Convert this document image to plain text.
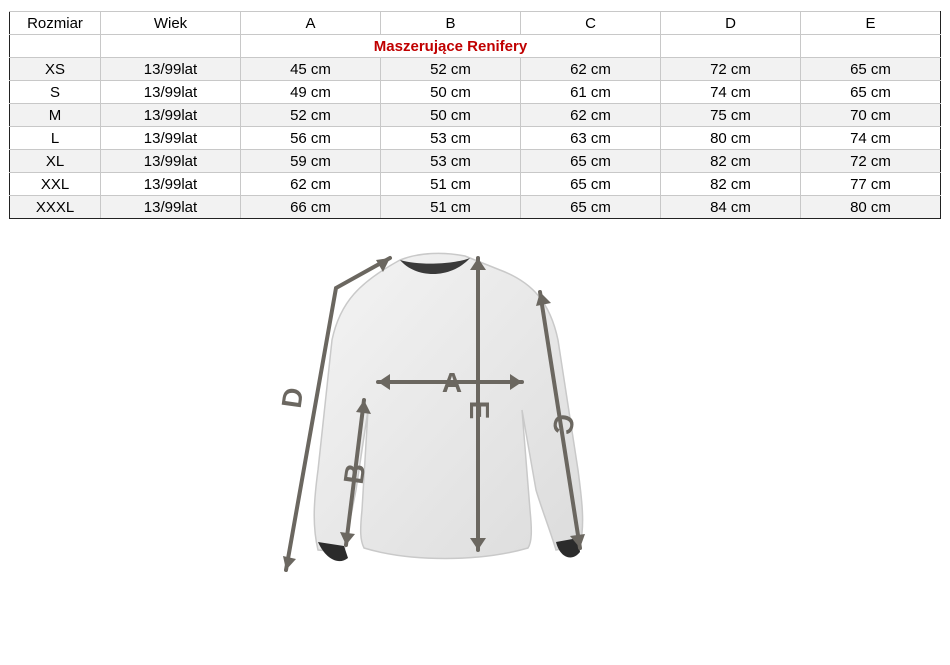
Rozmiar	Wiek	A	B	C	D	E
		Maszerujące Renifery				
XS	13/99lat	45 cm	52 cm	62 cm	72 cm	65 cm
S	13/99lat	49 cm	50 cm	61 cm	74 cm	65 cm
M	13/99lat	52 cm	50 cm	62 cm	75 cm	70 cm
L	13/99lat	56 cm	53 cm	63 cm	80 cm	74 cm
XL	13/99lat	59 cm	53 cm	65 cm	82 cm	72 cm
XXL	13/99lat	62 cm	51 cm	65 cm	82 cm	77 cm
XXXL	13/99lat	66 cm	51 cm	65 cm	84 cm	80 cm
A
E
B
C
D
